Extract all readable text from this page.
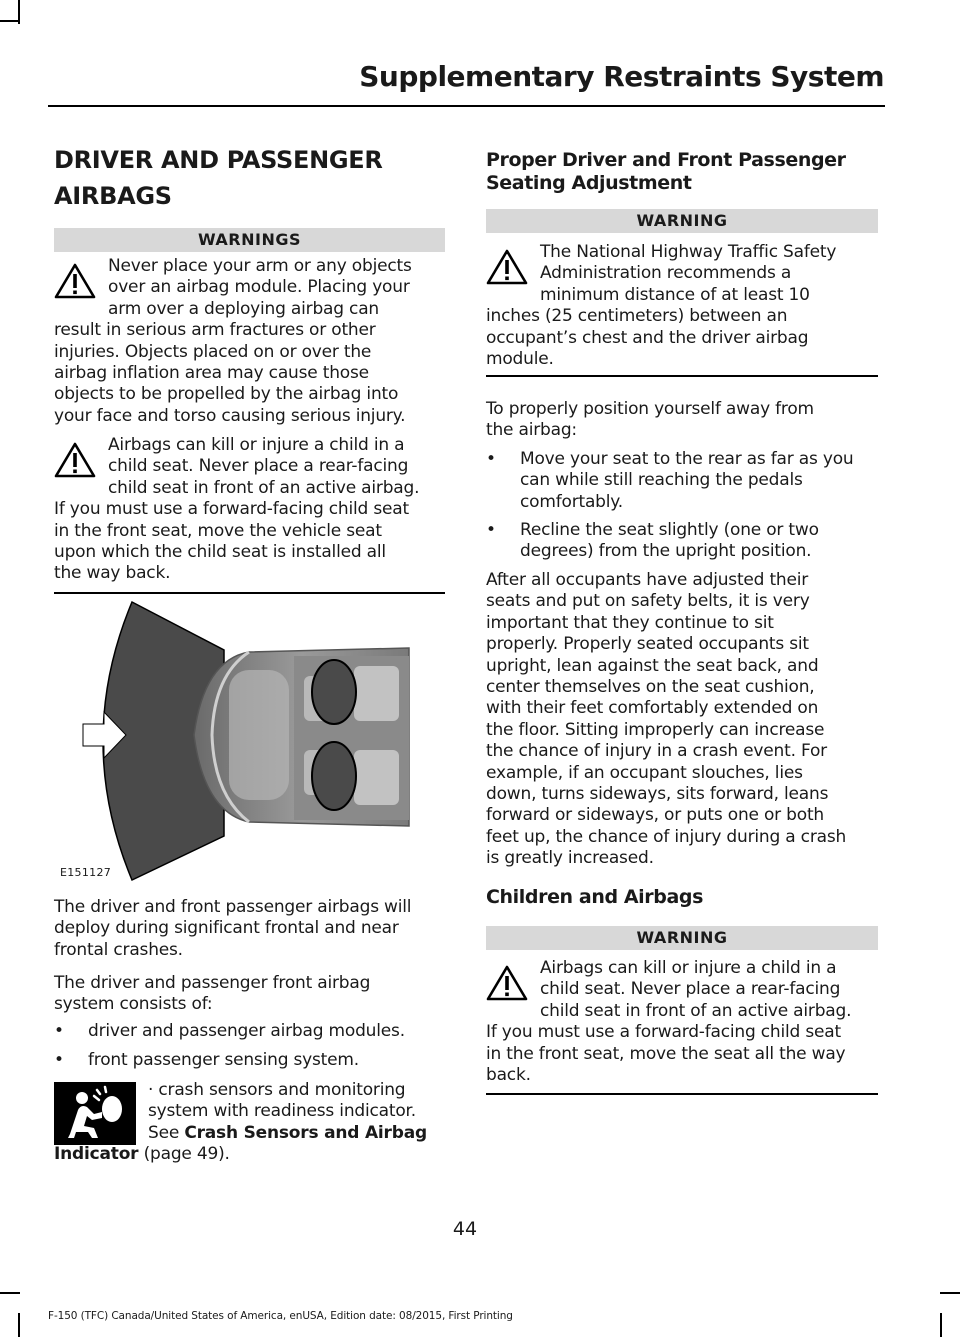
Supplementary Restraints System
DRIVER AND PASSENGER
AIRBAGS
WARNINGS
Never place your arm or any objects
over an airbag module. Placing your
arm over a deploying airbag can
result in serious arm fractures or other
injuries. Objects placed on or over the
airbag inflation area may cause those
objects to be propelled by the airbag into
your face and torso causing serious injury.
Airbags can kill or injure a child in a
child seat. Never place a rear-facing
child seat in front of an active airbag.
If you must use a forward-facing child seat
in the front seat, move the vehicle seat
upon which the child seat is installed all
the way back.
E151127
The driver and front passenger airbags will
deploy during significant frontal and near
frontal crashes.
The driver and passenger front airbag
system consists of:
• driver and passenger airbag modules.
• front passenger sensing system.
· crash sensors and monitoring
system with readiness indicator.
See Crash Sensors and Airbag
Indicator (page 49).
Proper Driver and Front Passenger
Seating Adjustment
WARNING
The National Highway Traffic Safety
Administration recommends a
minimum distance of at least 10
inches (25 centimeters) between an
occupant’s chest and the driver airbag
module.
To properly position yourself away from
the airbag:
• Move your seat to the rear as far as you
can while still reaching the pedals
comfortably.
• Recline the seat slightly (one or two
degrees) from the upright position.
After all occupants have adjusted their
seats and put on safety belts, it is very
important that they continue to sit
properly. Properly seated occupants sit
upright, lean against the seat back, and
center themselves on the seat cushion,
with their feet comfortably extended on
the floor. Sitting improperly can increase
the chance of injury in a crash event. For
example, if an occupant slouches, lies
down, turns sideways, sits forward, leans
forward or sideways, or puts one or both
feet up, the chance of injury during a crash
is greatly increased.
Children and Airbags
WARNING
Airbags can kill or injure a child in a
child seat. Never place a rear-facing
child seat in front of an active airbag.
If you must use a forward-facing child seat
in the front seat, move the seat all the way
back.
44
F-150 (TFC) Canada/United States of America, enUSA, Edition date: 08/2015, First Printing
